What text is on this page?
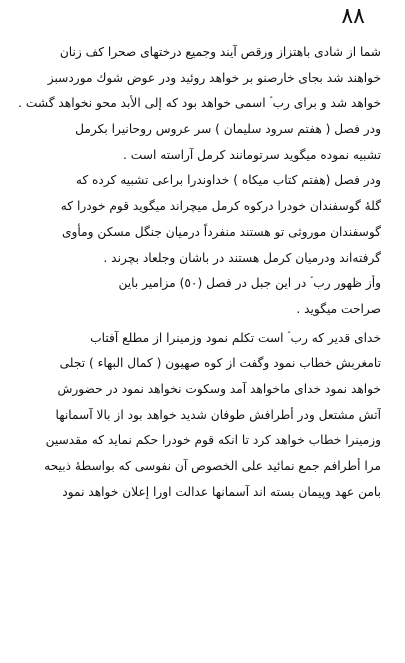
٨٨
شما از شادی باهتزاز ورقص آیند وجمیع درختهای صحرا کف زنان
خواهند شد بجای خارصنو بر خواهد روئید ودر عوض شوك موردسبز
خواهد شد و برای رب ؑ اسمی خواهد بود که إلى الأبد محو نخواهد گشت .
ودر فصل ( هفتم سرود سلیمان ) سر عروس روحانیرا بکرمل
تشبیه نموده میگوید سرتومانند کرمل آراسته است .
ودر فصل (هفتم کتاب میکاه ) خداوندرا براعی تشبیه کرده که
گلهٔ گوسفندان خودرا درکوه کرمل میچراند میگوید قوم خودرا که
گوسفندان موروثی تو هستند منفرداً درمیان جنگل مسکن ومأوی
گرفته‌اند ودرمیان کرمل هستند در باشان وجلعاد بچرند .
وأز ظهور رب ؑ در این جبل در فصل (٥٠) مزامیر باین
صراحت میگوید .
خدای قدیر که رب ؑ است تکلم نمود وزمینرا از مطلع آفتاب
تامغربش خطاب نمود وگفت از کوه صهیون ( کمال البهاء ) تجلی
خواهد نمود خدای ماخواهد آمد وسکوت نخواهد نمود در حضورش
آتش مشتعل ودر أطرافش طوفان شدید خواهد بود از بالا آسمانها
وزمینرا خطاب خواهد کرد تا انکه قوم خودرا حکم نماید که مقدسین
مرا أطرافم جمع نمائید علی الخصوص آن نفوسی که بواسطهٔ ذبیحه
بامن عهد وپیمان بسته اند آسمانها عدالت اورا إعلان خواهد نمود
